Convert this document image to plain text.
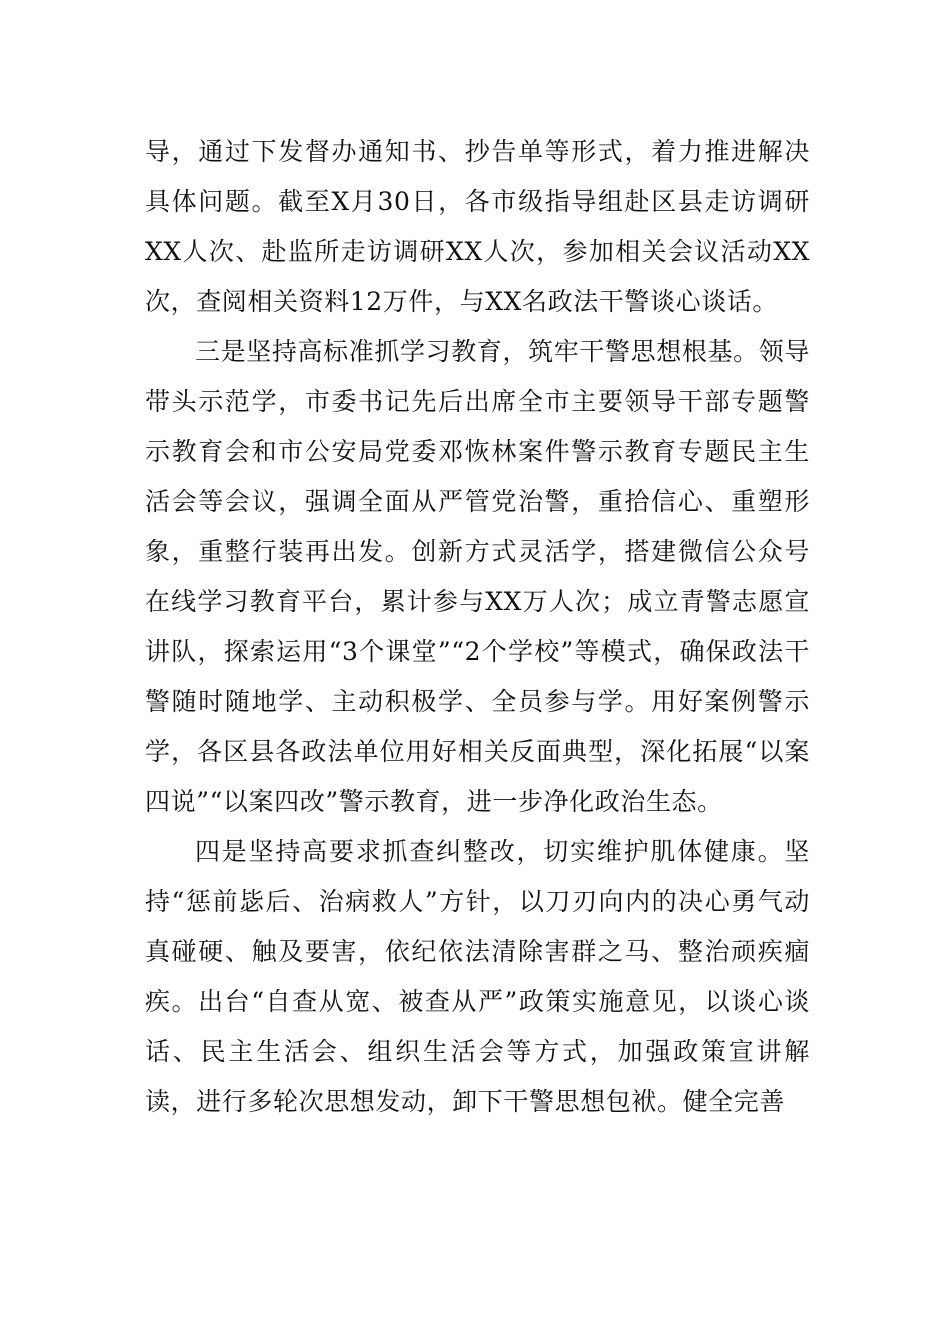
导，通过下发督办通知书、抄告单等形式，着力推进解决具体问题。截至X月30日，各市级指导组赴区县走访调研XX人次、赴监所走访调研XX人次，参加相关会议活动XX次，查阅相关资料12万件，与XX名政法干警谈心谈话。

三是坚持高标准抓学习教育，筑牢干警思想根基。领导带头示范学，市委书记先后出席全市主要领导干部专题警示教育会和市公安局党委邓恢林案件警示教育专题民主生活会等会议，强调全面从严管党治警，重拾信心、重塑形象，重整行装再出发。创新方式灵活学，搭建微信公众号在线学习教育平台，累计参与XX万人次；成立青警志愿宣讲队，探索运用“3个课堂”“2个学校”等模式，确保政法干警随时随地学、主动积极学、全员参与学。用好案例警示学，各区县各政法单位用好相关反面典型，深化拓展“以案四说”“以案四改”警示教育，进一步净化政治生态。

四是坚持高要求抓查纠整改，切实维护肌体健康。坚持“惩前毖后、治病救人”方针，以刀刃向内的决心勇气动真碰硬、触及要害，依纪依法清除害群之马、整治顽疾痼疾。出台“自查从宽、被查从严”政策实施意见，以谈心谈话、民主生活会、组织生活会等方式，加强政策宣讲解读，进行多轮次思想发动，卸下干警思想包袱。健全完善
